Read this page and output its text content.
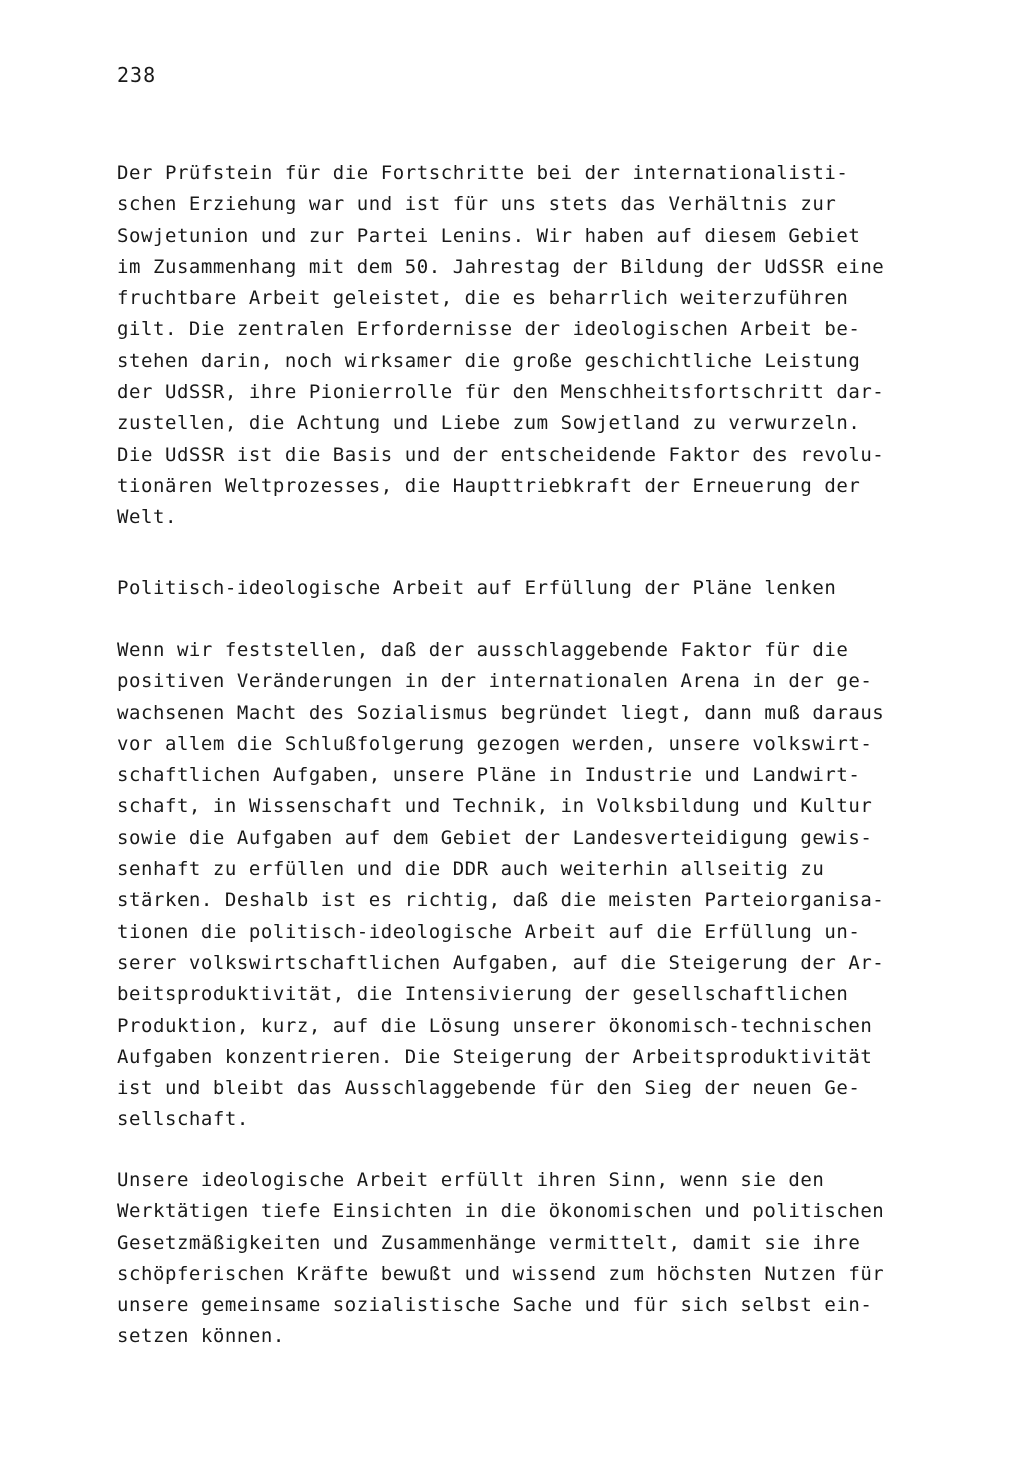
238
Der Prüfstein für die Fortschritte bei der internationalisti-
schen Erziehung war und ist für uns stets das Verhältnis zur
Sowjetunion und zur Partei Lenins. Wir haben auf diesem Gebiet
im Zusammenhang mit dem 50. Jahrestag der Bildung der UdSSR eine
fruchtbare Arbeit geleistet, die es beharrlich weiterzuführen
gilt. Die zentralen Erfordernisse der ideologischen Arbeit be-
stehen darin, noch wirksamer die große geschichtliche Leistung
der UdSSR, ihre Pionierrolle für den Menschheitsfortschritt dar-
zustellen, die Achtung und Liebe zum Sowjetland zu verwurzeln.
Die UdSSR ist die Basis und der entscheidende Faktor des revolu-
tionären Weltprozesses, die Haupttriebkraft der Erneuerung der
Welt.
Politisch-ideologische Arbeit auf Erfüllung der Pläne lenken
Wenn wir feststellen, daß der ausschlaggebende Faktor für die
positiven Veränderungen in der internationalen Arena in der ge-
wachsenen Macht des Sozialismus begründet liegt, dann muß daraus
vor allem die Schlußfolgerung gezogen werden, unsere volkswirt-
schaftlichen Aufgaben, unsere Pläne in Industrie und Landwirt-
schaft, in Wissenschaft und Technik, in Volksbildung und Kultur
sowie die Aufgaben auf dem Gebiet der Landesverteidigung gewis-
senhaft zu erfüllen und die DDR auch weiterhin allseitig zu
stärken. Deshalb ist es richtig, daß die meisten Parteiorganisa-
tionen die politisch-ideologische Arbeit auf die Erfüllung un-
serer volkswirtschaftlichen Aufgaben, auf die Steigerung der Ar-
beitsproduktivität, die Intensivierung der gesellschaftlichen
Produktion, kurz, auf die Lösung unserer ökonomisch-technischen
Aufgaben konzentrieren. Die Steigerung der Arbeitsproduktivität
ist und bleibt das Ausschlaggebende für den Sieg der neuen Ge-
sellschaft.
Unsere ideologische Arbeit erfüllt ihren Sinn, wenn sie den
Werktätigen tiefe Einsichten in die ökonomischen und politischen
Gesetzmäßigkeiten und Zusammenhänge vermittelt, damit sie ihre
schöpferischen Kräfte bewußt und wissend zum höchsten Nutzen für
unsere gemeinsame sozialistische Sache und für sich selbst ein-
setzen können.
